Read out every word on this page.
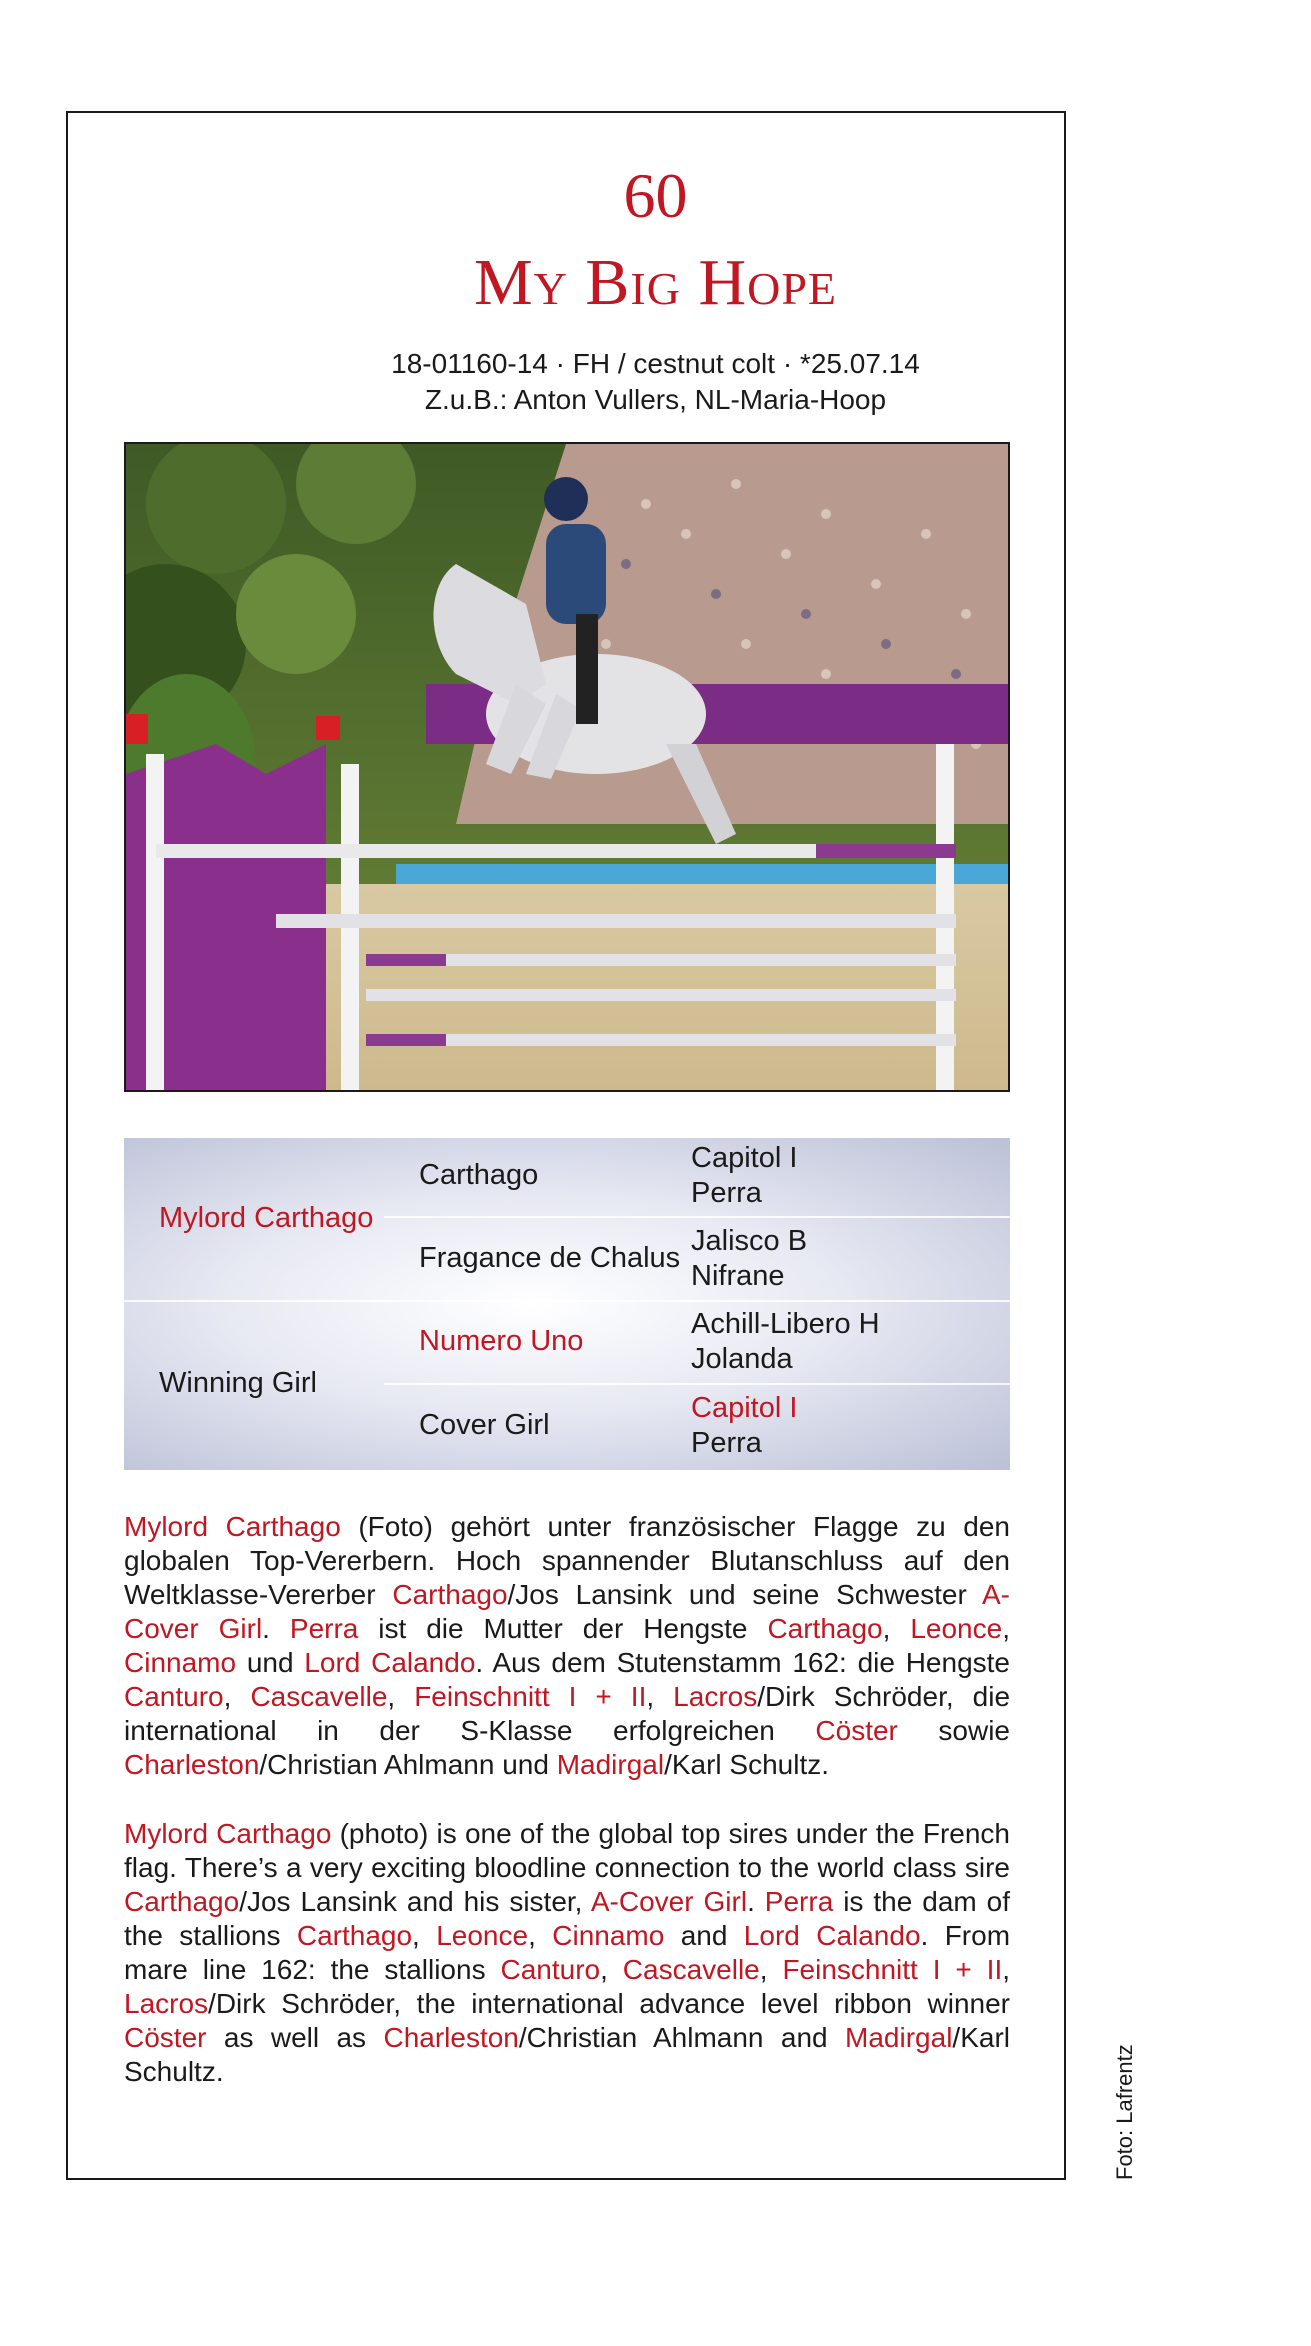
60
My Big Hope
18-01160-14 · FH / cestnut colt · *25.07.14
Z.u.B.: Anton Vullers, NL-Maria-Hoop
Mylord Carthago
Winning Girl
Carthago
Fragance de Chalus
Numero Uno
Cover Girl
Capitol I
Perra
Jalisco B
Nifrane
Achill-Libero H
Jolanda
Capitol I
Perra
Mylord Carthago (Foto) gehört unter französischer Flagge zu den globalen Top-Vererbern. Hoch spannender Blutanschluss auf den Weltklasse-Vererber Carthago/Jos Lansink und seine Schwester A-Cover Girl. Perra ist die Mutter der Hengste Carthago, Leonce, Cinnamo und Lord Calando. Aus dem Stutenstamm 162: die Hengste Canturo, Cascavelle, Feinschnitt I + II, Lacros/Dirk Schröder, die international in der S-Klasse erfolgreichen Cöster sowie Charleston/Christian Ahlmann und Madirgal/Karl Schultz.
Mylord Carthago (photo) is one of the global top sires under the French flag. There’s a very exciting bloodline connection to the world class sire Carthago/Jos Lansink and his sister, A-Cover Girl. Perra is the dam of the stallions Carthago, Leonce, Cinnamo and Lord Calando. From mare line 162: the stallions Canturo, Cascavelle, Feinschnitt I + II, Lacros/Dirk Schröder, the international advance level ribbon winner Cöster as well as Charleston/Christian Ahlmann and Madirgal/Karl Schultz.	Foto: Lafrentz
